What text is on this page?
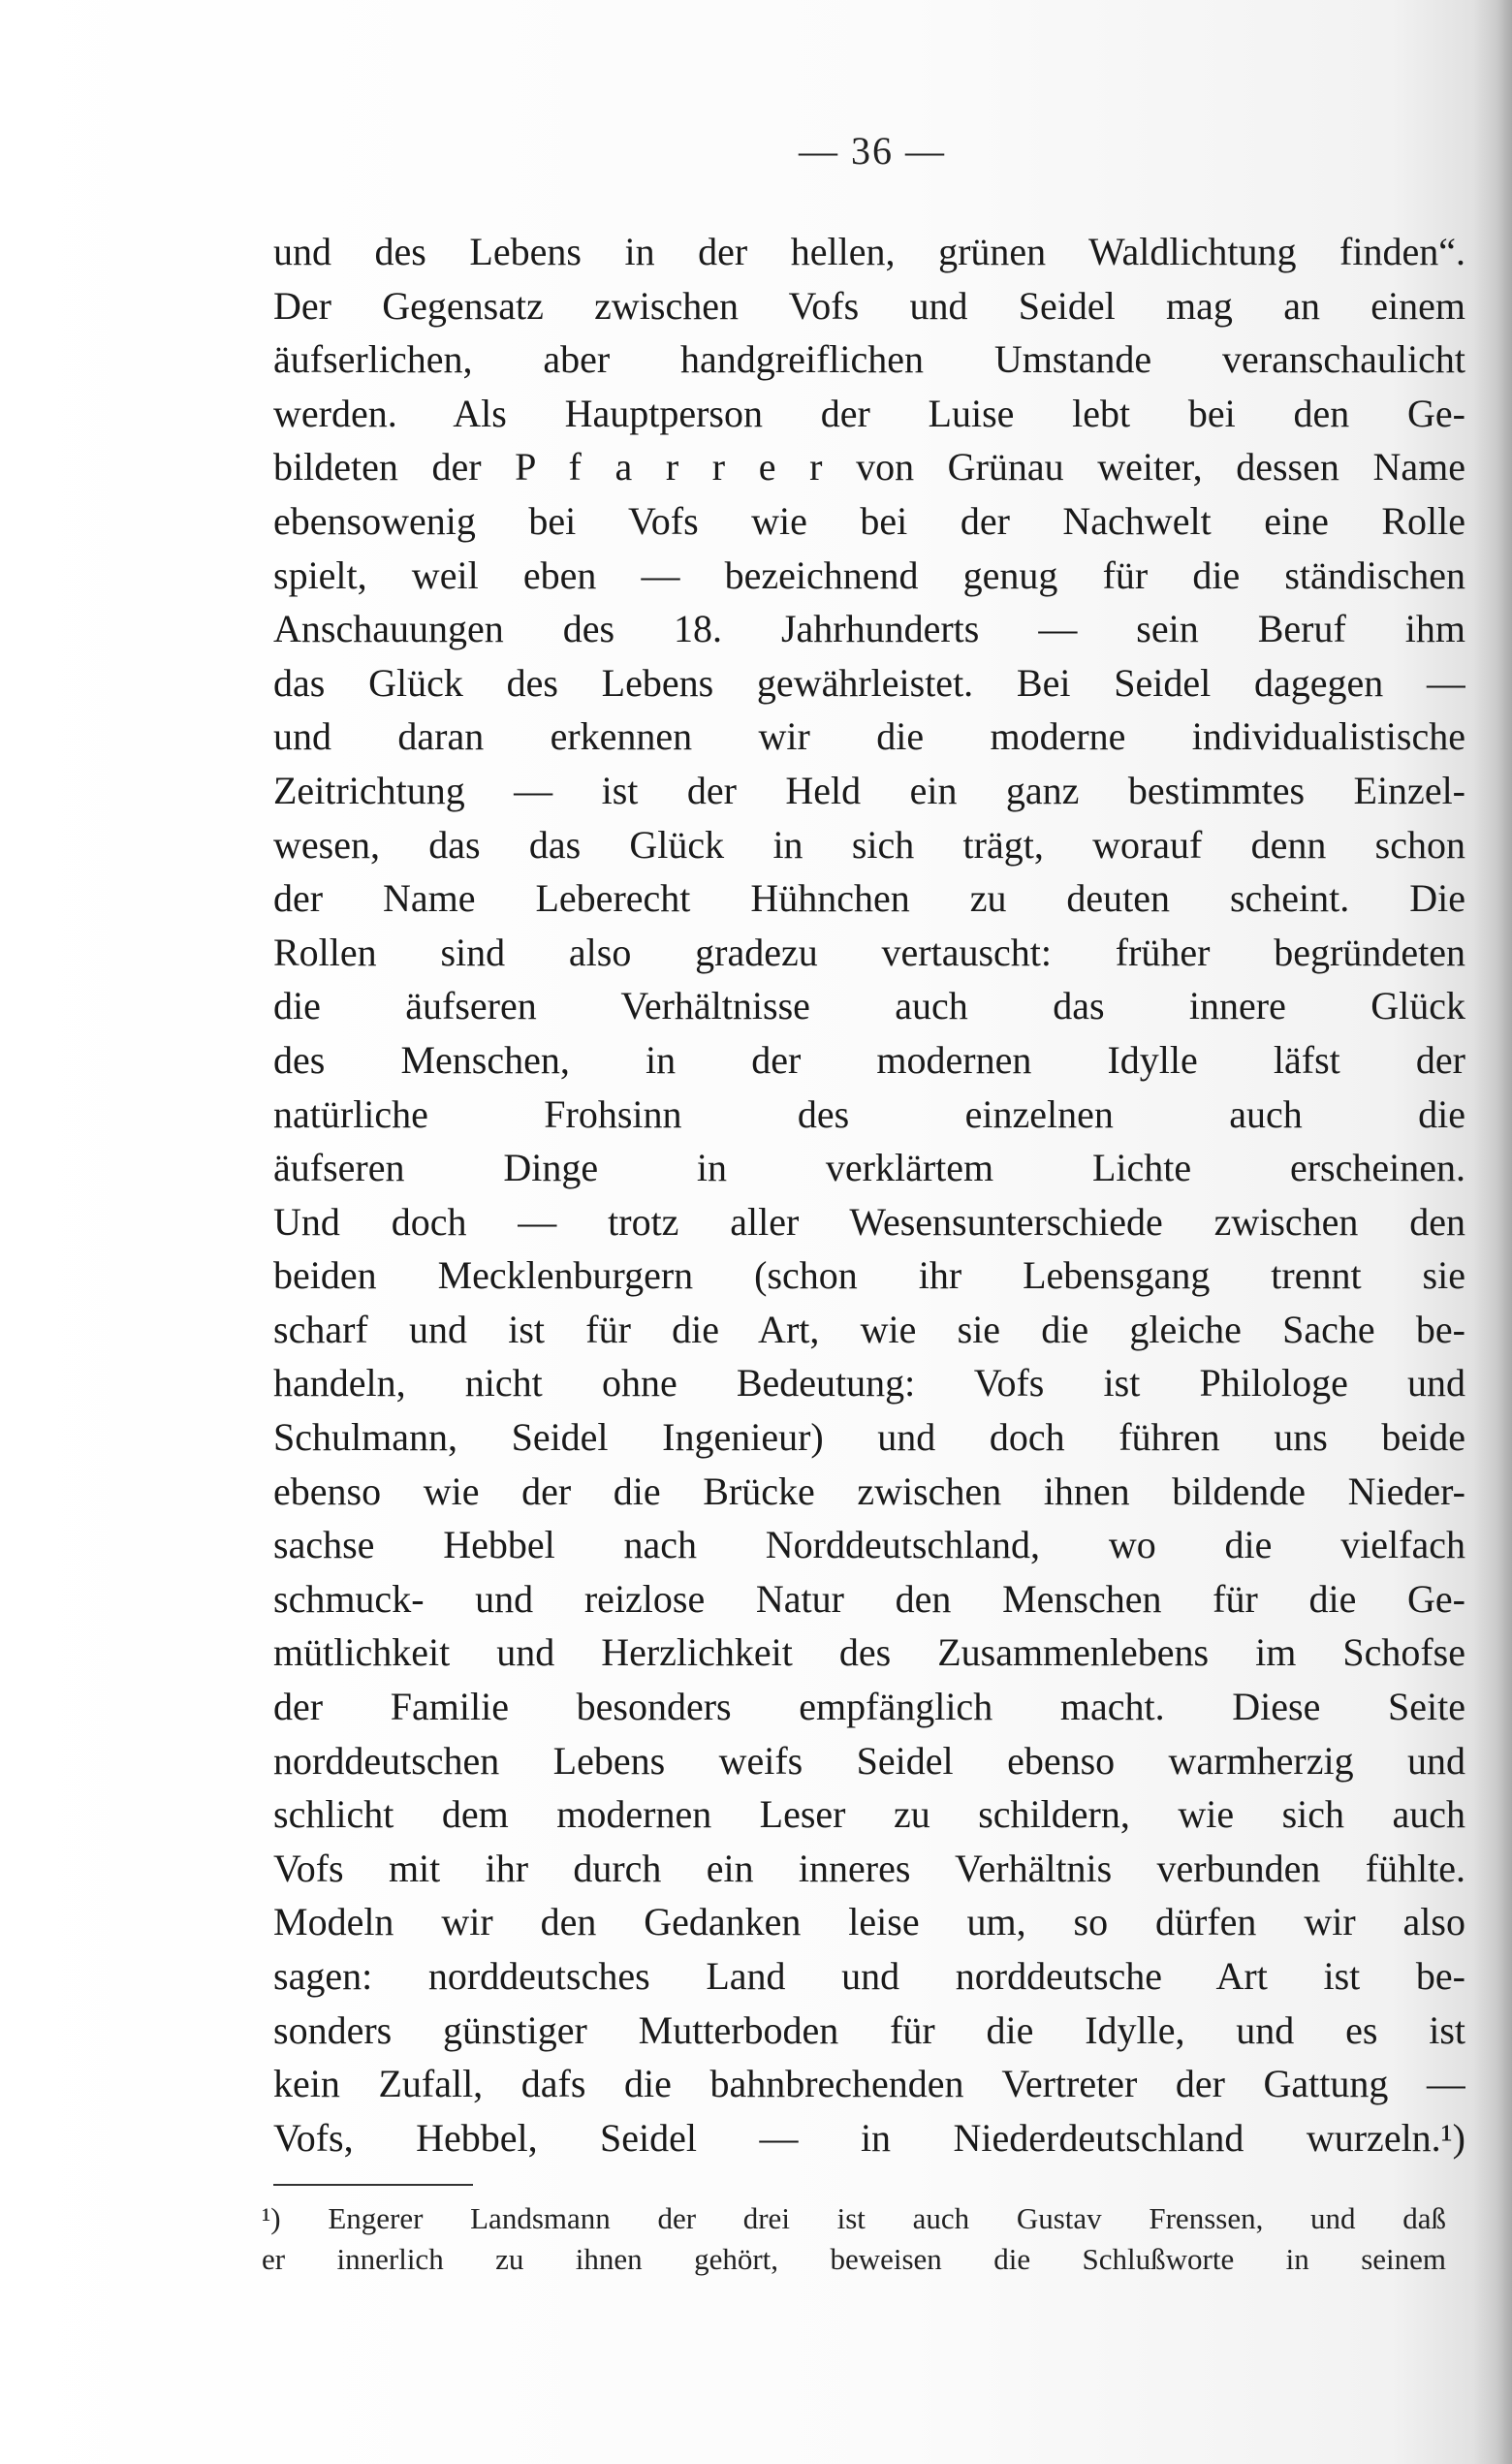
— 36 —
und des Lebens in der hellen, grünen Waldlichtung finden“.
Der Gegensatz zwischen Vofs und Seidel mag an einem
äufserlichen, aber handgreiflichen Umstande veranschaulicht
werden. Als Hauptperson der Luise lebt bei den Ge-
bildeten der P f a r r e r von Grünau weiter, dessen Name
ebensowenig bei Vofs wie bei der Nachwelt eine Rolle
spielt, weil eben — bezeichnend genug für die ständischen
Anschauungen des 18. Jahrhunderts — sein Beruf ihm
das Glück des Lebens gewährleistet. Bei Seidel dagegen —
und daran erkennen wir die moderne individualistische
Zeitrichtung — ist der Held ein ganz bestimmtes Einzel-
wesen, das das Glück in sich trägt, worauf denn schon
der Name Leberecht Hühnchen zu deuten scheint. Die
Rollen sind also gradezu vertauscht: früher begründeten
die äufseren Verhältnisse auch das innere Glück
des Menschen, in der modernen Idylle läfst der
natürliche Frohsinn des einzelnen auch die
äufseren Dinge in verklärtem Lichte erscheinen.
Und doch — trotz aller Wesensunterschiede zwischen den
beiden Mecklenburgern (schon ihr Lebensgang trennt sie
scharf und ist für die Art, wie sie die gleiche Sache be-
handeln, nicht ohne Bedeutung: Vofs ist Philologe und
Schulmann, Seidel Ingenieur) und doch führen uns beide
ebenso wie der die Brücke zwischen ihnen bildende Nieder-
sachse Hebbel nach Norddeutschland, wo die vielfach
schmuck- und reizlose Natur den Menschen für die Ge-
mütlichkeit und Herzlichkeit des Zusammenlebens im Schofse
der Familie besonders empfänglich macht. Diese Seite
norddeutschen Lebens weifs Seidel ebenso warmherzig und
schlicht dem modernen Leser zu schildern, wie sich auch
Vofs mit ihr durch ein inneres Verhältnis verbunden fühlte.
Modeln wir den Gedanken leise um, so dürfen wir also
sagen: norddeutsches Land und norddeutsche Art ist be-
sonders günstiger Mutterboden für die Idylle, und es ist
kein Zufall, dafs die bahnbrechenden Vertreter der Gattung —
Vofs, Hebbel, Seidel — in Niederdeutschland wurzeln.¹)
¹) Engerer Landsmann der drei ist auch Gustav Frenssen, und daß
er innerlich zu ihnen gehört, beweisen die Schlußworte in seinem
